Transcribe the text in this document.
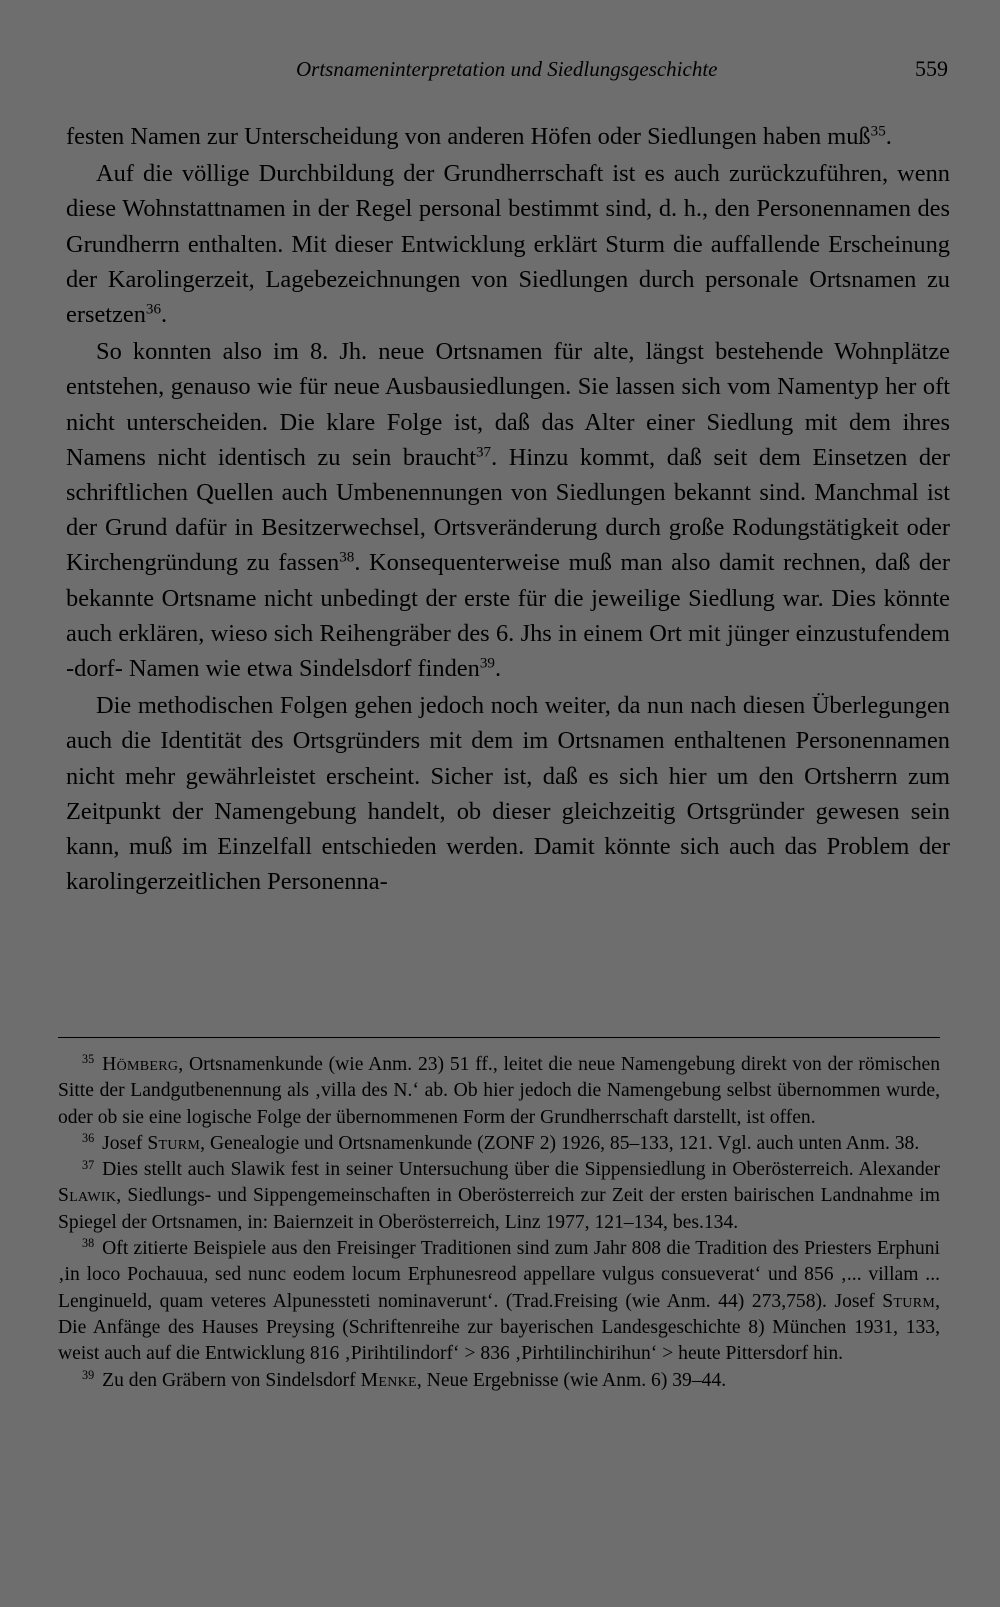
Ortsnameninterpretation und Siedlungsgeschichte	559

festen Namen zur Unterscheidung von anderen Höfen oder Siedlungen haben muß$^{35}$.

Auf die völlige Durchbildung der Grundherrschaft ist es auch zurückzuführen, wenn diese Wohnstattnamen in der Regel personal bestimmt sind, d. h., den Personennamen des Grundherrn enthalten. Mit dieser Entwicklung erklärt Sturm die auffallende Erscheinung der Karolingerzeit, Lagebezeichnungen von Siedlungen durch personale Ortsnamen zu ersetzen$^{36}$.

So konnten also im 8. Jh. neue Ortsnamen für alte, längst bestehende Wohnplätze entstehen, genauso wie für neue Ausbausiedlungen. Sie lassen sich vom Namentyp her oft nicht unterscheiden. Die klare Folge ist, daß das Alter einer Siedlung mit dem ihres Namens nicht identisch zu sein braucht$^{37}$. Hinzu kommt, daß seit dem Einsetzen der schriftlichen Quellen auch Umbenennungen von Siedlungen bekannt sind. Manchmal ist der Grund dafür in Besitzerwechsel, Ortsveränderung durch große Rodungstätigkeit oder Kirchengründung zu fassen$^{38}$. Konsequenterweise muß man also damit rechnen, daß der bekannte Ortsname nicht unbedingt der erste für die jeweilige Siedlung war. Dies könnte auch erklären, wieso sich Reihengräber des 6. Jhs in einem Ort mit jünger einzustufendem -dorf- Namen wie etwa Sindelsdorf finden$^{39}$.

Die methodischen Folgen gehen jedoch noch weiter, da nun nach diesen Überlegungen auch die Identität des Ortsgründers mit dem im Ortsnamen enthaltenen Personennamen nicht mehr gewährleistet erscheint. Sicher ist, daß es sich hier um den Ortsherrn zum Zeitpunkt der Namengebung handelt, ob dieser gleichzeitig Ortsgründer gewesen sein kann, muß im Einzelfall entschieden werden. Damit könnte sich auch das Problem der karolingerzeitlichen Personenna-

$^{35}$ Hömberg, Ortsnamenkunde (wie Anm. 23) 51 ff., leitet die neue Namengebung direkt von der römischen Sitte der Landgutbenennung als ‚villa des N.‘ ab. Ob hier jedoch die Namengebung selbst übernommen wurde, oder ob sie eine logische Folge der übernommenen Form der Grundherrschaft darstellt, ist offen.

$^{36}$ Josef Sturm, Genealogie und Ortsnamenkunde (ZONF 2) 1926, 85–133, 121. Vgl. auch unten Anm. 38.

$^{37}$ Dies stellt auch Slawik fest in seiner Untersuchung über die Sippensiedlung in Oberösterreich. Alexander Slawik, Siedlungs- und Sippengemeinschaften in Oberösterreich zur Zeit der ersten bairischen Landnahme im Spiegel der Ortsnamen, in: Baiernzeit in Oberösterreich, Linz 1977, 121–134, bes.134.

$^{38}$ Oft zitierte Beispiele aus den Freisinger Traditionen sind zum Jahr 808 die Tradition des Priesters Erphuni ‚in loco Pochauua, sed nunc eodem locum Erphunesreod appellare vulgus consueverat‘ und 856 ‚... villam ... Lenginueld, quam veteres Alpunessteti nominaverunt‘. (Trad.Freising (wie Anm. 44) 273,758). Josef Sturm, Die Anfänge des Hauses Preysing (Schriftenreihe zur bayerischen Landesgeschichte 8) München 1931, 133, weist auch auf die Entwicklung 816 ‚Pirihtilindorf‘ > 836 ‚Pirhtilinchirihun‘ > heute Pittersdorf hin.

$^{39}$ Zu den Gräbern von Sindelsdorf Menke, Neue Ergebnisse (wie Anm. 6) 39–44.
